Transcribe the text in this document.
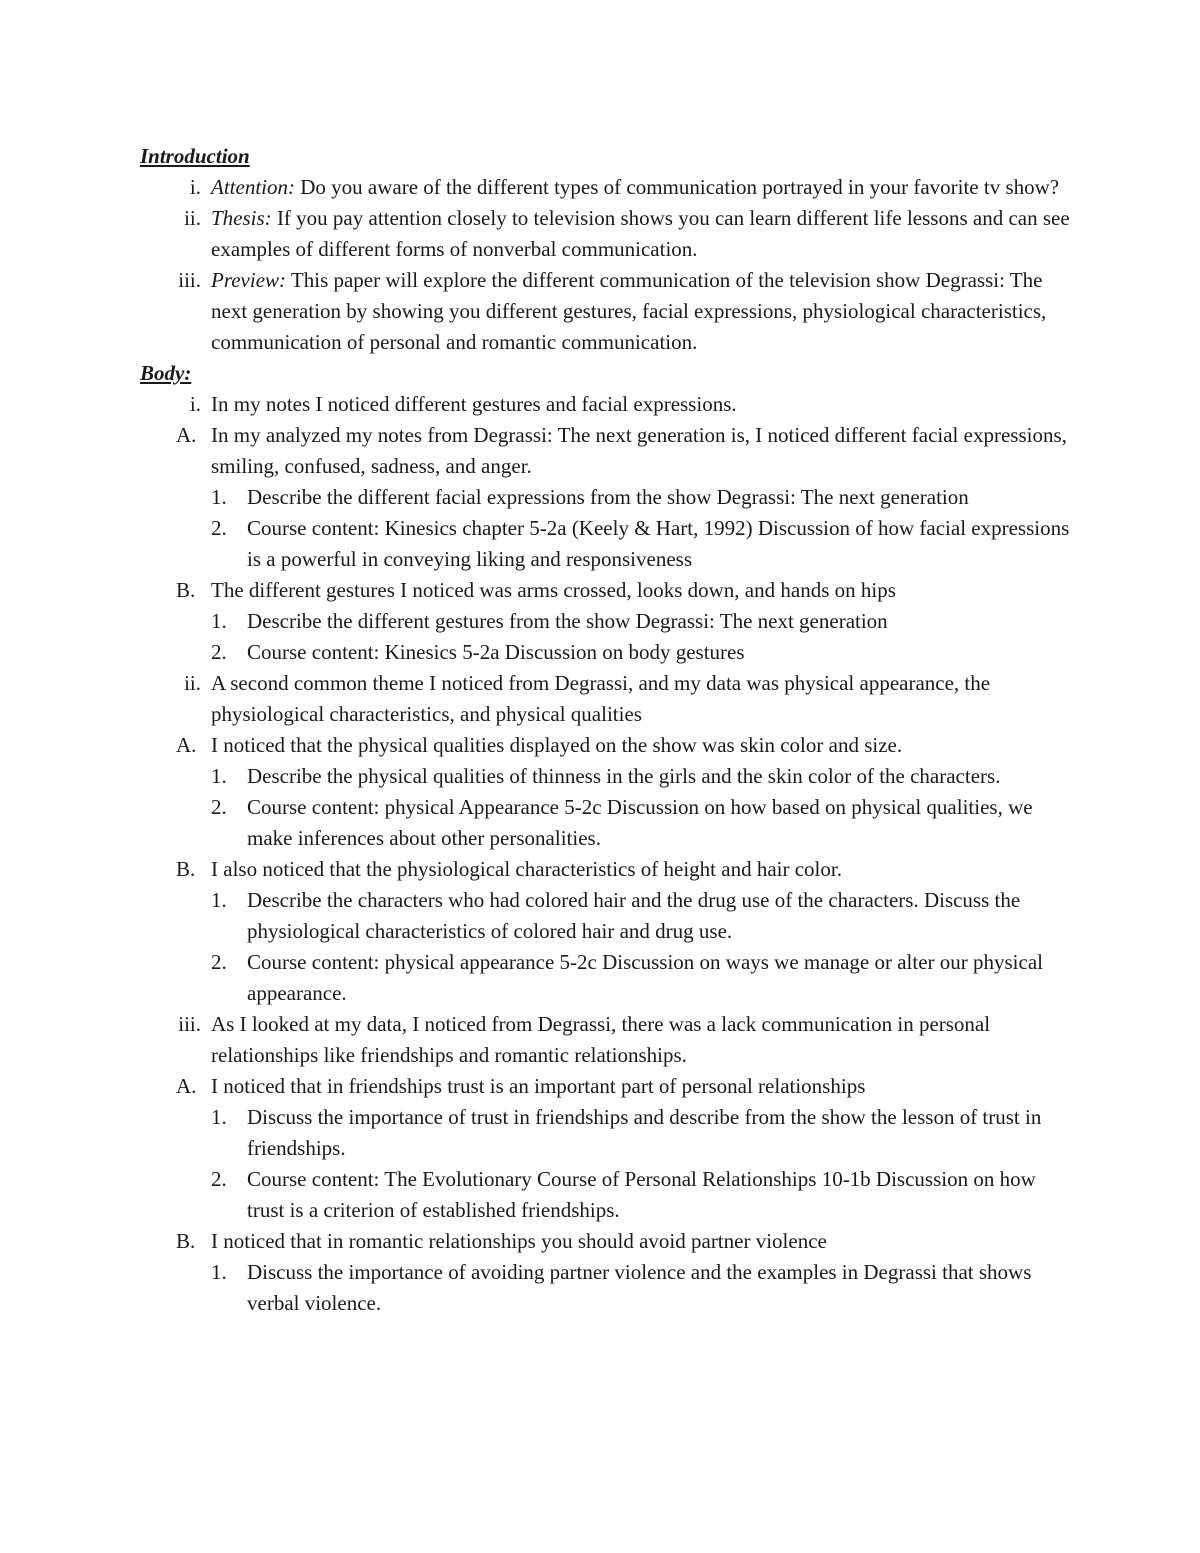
Introduction
i. Attention: Do you aware of the different types of communication portrayed in your favorite tv show?
ii. Thesis: If you pay attention closely to television shows you can learn different life lessons and can see examples of different forms of nonverbal communication.
iii. Preview: This paper will explore the different communication of the television show Degrassi: The next generation by showing you different gestures, facial expressions, physiological characteristics, communication of personal and romantic communication.
Body:
i. In my notes I noticed different gestures and facial expressions.
A. In my analyzed my notes from Degrassi: The next generation is, I noticed different facial expressions, smiling, confused, sadness, and anger.
1. Describe the different facial expressions from the show Degrassi: The next generation
2. Course content: Kinesics chapter 5-2a (Keely & Hart, 1992) Discussion of how facial expressions is a powerful in conveying liking and responsiveness
B. The different gestures I noticed was arms crossed, looks down, and hands on hips
1. Describe the different gestures from the show Degrassi: The next generation
2. Course content: Kinesics 5-2a Discussion on body gestures
ii. A second common theme I noticed from Degrassi, and my data was physical appearance, the physiological characteristics, and physical qualities
A. I noticed that the physical qualities displayed on the show was skin color and size.
1. Describe the physical qualities of thinness in the girls and the skin color of the characters.
2. Course content: physical Appearance 5-2c Discussion on how based on physical qualities, we make inferences about other personalities.
B. I also noticed that the physiological characteristics of height and hair color.
1. Describe the characters who had colored hair and the drug use of the characters. Discuss the physiological characteristics of colored hair and drug use.
2. Course content: physical appearance 5-2c Discussion on ways we manage or alter our physical appearance.
iii. As I looked at my data, I noticed from Degrassi, there was a lack communication in personal relationships like friendships and romantic relationships.
A. I noticed that in friendships trust is an important part of personal relationships
1. Discuss the importance of trust in friendships and describe from the show the lesson of trust in friendships.
2. Course content: The Evolutionary Course of Personal Relationships 10-1b Discussion on how trust is a criterion of established friendships.
B. I noticed that in romantic relationships you should avoid partner violence
1. Discuss the importance of avoiding partner violence and the examples in Degrassi that shows verbal violence.
